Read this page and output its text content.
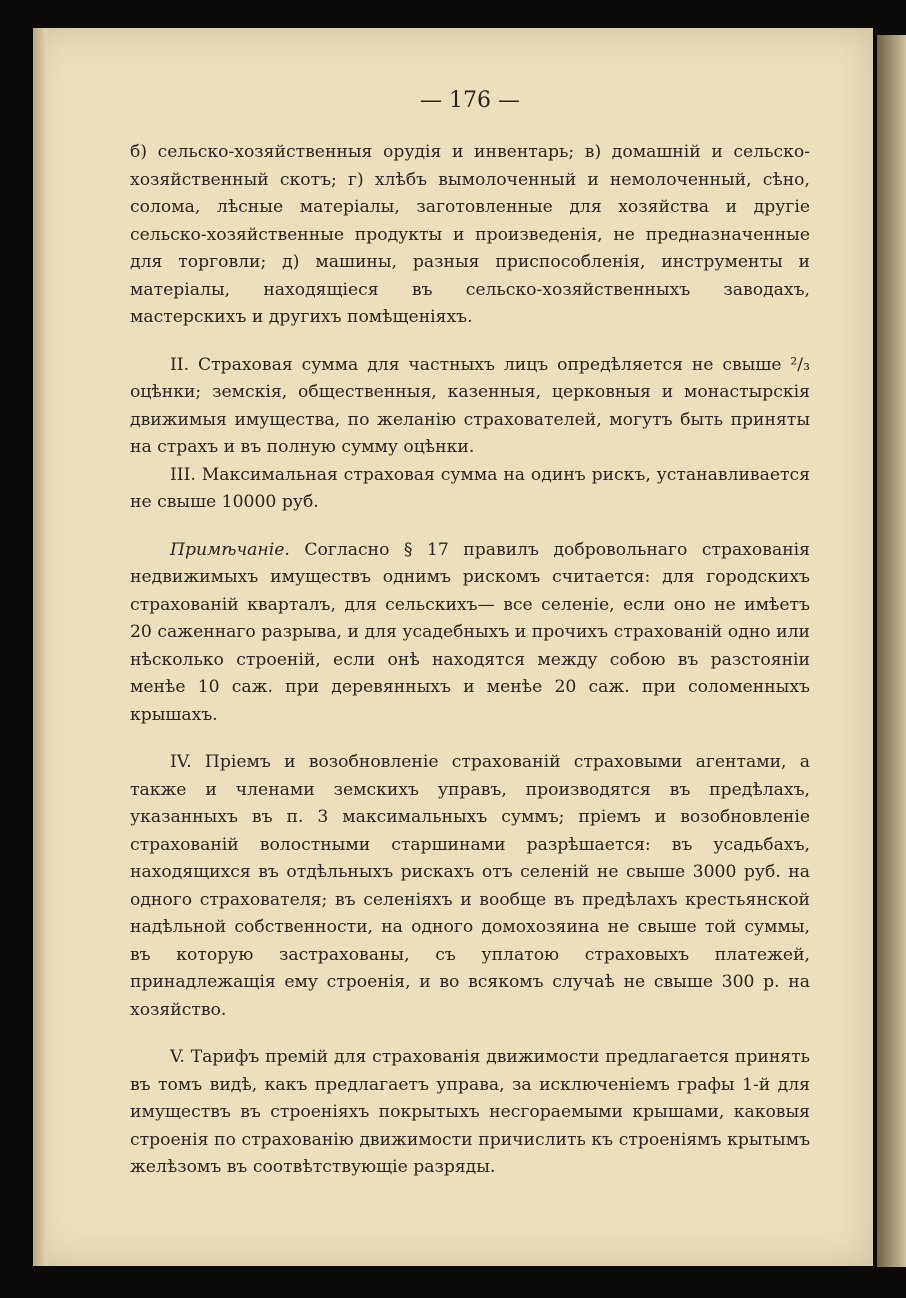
— 176 —

б) сельско-хозяйственныя орудія и инвентарь; в) домашній и сельско-хозяйственный скотъ; г) хлѣбъ вымолоченный и немолоченный, сѣно, солома, лѣсные матеріалы, заготовленные для хозяйства и другіе сельско-хозяйственные продукты и произведенія, не предназначенные для торговли; д) машины, разныя приспособленія, инструменты и матеріалы, находящіеся въ сельско-хозяйственныхъ заводахъ, мастерскихъ и другихъ помѣщеніяхъ.

II. Страховая сумма для частныхъ лицъ опредѣляется не свыше ²/₃ оцѣнки; земскія, общественныя, казенныя, церковныя и монастырскія движимыя имущества, по желанію страхователей, могутъ быть приняты на страхъ и въ полную сумму оцѣнки.

III. Максимальная страховая сумма на одинъ рискъ, устанавливается не свыше 10000 руб.

Примѣчаніе. Согласно § 17 правилъ добровольнаго страхованія недвижимыхъ имуществъ однимъ рискомъ считается: для городскихъ страхованій кварталъ, для сельскихъ— все селеніе, если оно не имѣетъ 20 саженнаго разрыва, и для усадебныхъ и прочихъ страхованій одно или нѣсколько строеній, если онѣ находятся между собою въ разстояніи менѣе 10 саж. при деревянныхъ и менѣе 20 саж. при соломенныхъ крышахъ.

IV. Пріемъ и возобновленіе страхованій страховыми агентами, а также и членами земскихъ управъ, производятся въ предѣлахъ, указанныхъ въ п. 3 максимальныхъ суммъ; пріемъ и возобновленіе страхованій волостными старшинами разрѣшается: въ усадьбахъ, находящихся въ отдѣльныхъ рискахъ отъ селеній не свыше 3000 руб. на одного страхователя; въ селеніяхъ и вообще въ предѣлахъ крестьянской надѣльной собственности, на одного домохозяина не свыше той суммы, въ которую застрахованы, съ уплатою страховыхъ платежей, принадлежащія ему строенія, и во всякомъ случаѣ не свыше 300 р. на хозяйство.

V. Тарифъ премій для страхованія движимости предлагается принять въ томъ видѣ, какъ предлагаетъ управа, за исключеніемъ графы 1-й для имуществъ въ строеніяхъ покрытыхъ несгораемыми крышами, каковыя строенія по страхованію движимости причислить къ строеніямъ крытымъ желѣзомъ въ соотвѣтствующіе разряды.
